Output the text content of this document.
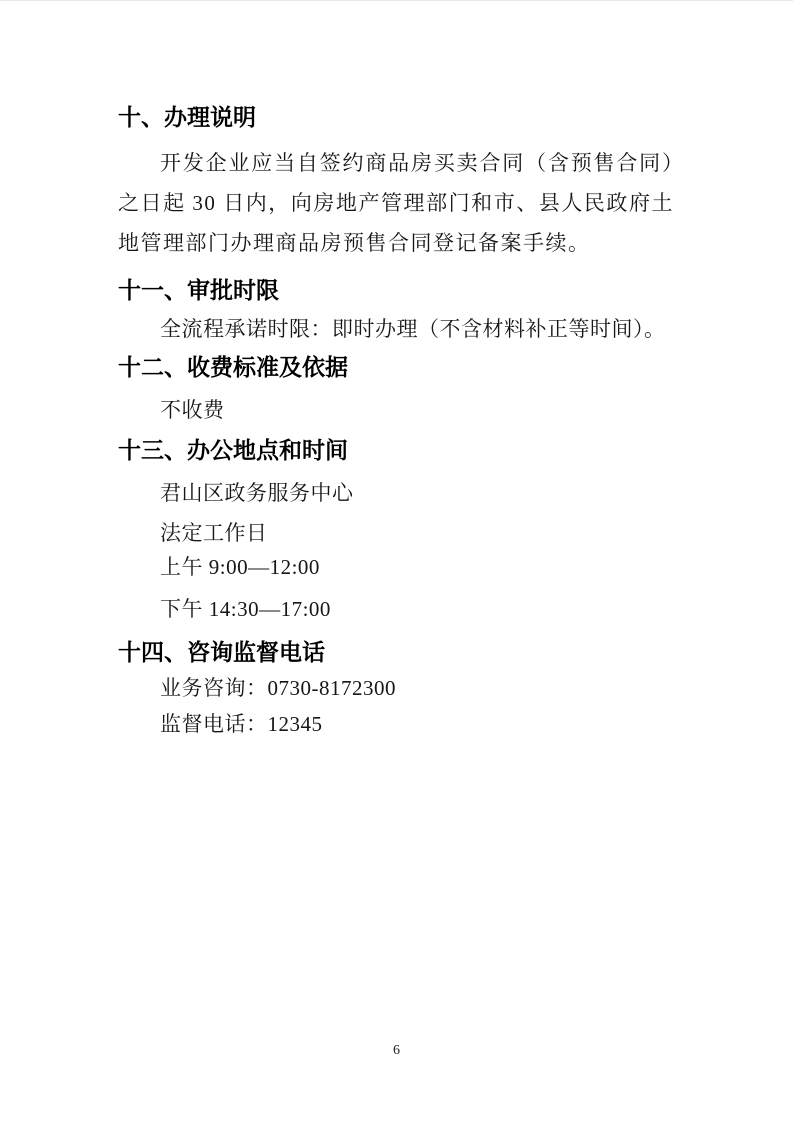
十、办理说明
开发企业应当自签约商品房买卖合同（含预售合同）之日起 30 日内，向房地产管理部门和市、县人民政府土地管理部门办理商品房预售合同登记备案手续。
十一、审批时限
全流程承诺时限：即时办理（不含材料补正等时间）。
十二、收费标准及依据
不收费
十三、办公地点和时间
君山区政务服务中心
法定工作日
上午 9:00—12:00
下午 14:30—17:00
十四、咨询监督电话
业务咨询：0730-8172300
监督电话：12345
6
